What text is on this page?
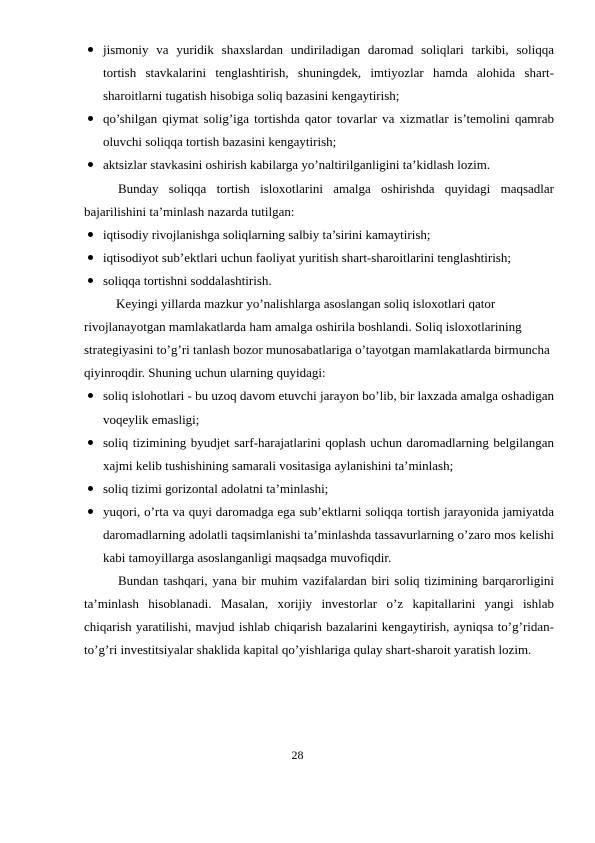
jismoniy va yuridik shaxslardan undiriladigan daromad soliqlari tarkibi, soliqqa tortish stavkalarini tenglashtirish, shuningdek, imtiyozlar hamda alohida shart-sharoitlarni tugatish hisobiga soliq bazasini kengaytirish;
qo’shilgan qiymat solig’iga tortishda qator tovarlar va xizmatlar is’temolini qamrab oluvchi soliqqa tortish bazasini kengaytirish;
aktsizlar stavkasini oshirish kabilarga yo’naltirilganligini ta’kidlash lozim.
Bunday soliqqa tortish isloxotlarini amalga oshirishda quyidagi maqsadlar bajarilishini ta’minlash nazarda tutilgan:
iqtisodiy rivojlanishga soliqlarning salbiy ta’sirini kamaytirish;
iqtisodiyot sub’ektlari uchun faoliyat yuritish shart-sharoitlarini tenglashtirish;
soliqqa tortishni soddalashtirish.
Keyingi yillarda mazkur yo’nalishlarga asoslangan soliq isloxotlari qator rivojlanayotgan mamlakatlarda ham amalga oshirila boshlandi. Soliq isloxotlarining strategiyasini to’g’ri tanlash bozor munosabatlariga o’tayotgan mamlakatlarda birmuncha qiyinroqdir. Shuning uchun ularning quyidagi:
soliq islohotlari - bu uzoq davom etuvchi jarayon bo’lib, bir laxzada amalga oshadigan voqeylik emasligi;
soliq tizimining byudjet sarf-harajatlarini qoplash uchun daromadlarning belgilangan xajmi kelib tushishining samarali vositasiga aylanishini ta’minlash;
soliq tizimi gorizontal adolatni ta’minlashi;
yuqori, o’rta va quyi daromadga ega sub’ektlarni soliqqa tortish jarayonida jamiyatda daromadlarning adolatli taqsimlanishi ta’minlashda tassavurlarning o’zaro mos kelishi kabi tamoyillarga asoslanganligi maqsadga muvofiqdir.
Bundan tashqari, yana bir muhim vazifalardan biri soliq tizimining barqarorligini ta’minlash hisoblanadi. Masalan, xorijiy investorlar o’z kapitallarini yangi ishlab chiqarish yaratilishi, mavjud ishlab chiqarish bazalarini kengaytirish, ayniqsa to’g’ridan-to’g’ri investitsiyalar shaklida kapital qo’yishlariga qulay shart-sharoit yaratish lozim.
28
